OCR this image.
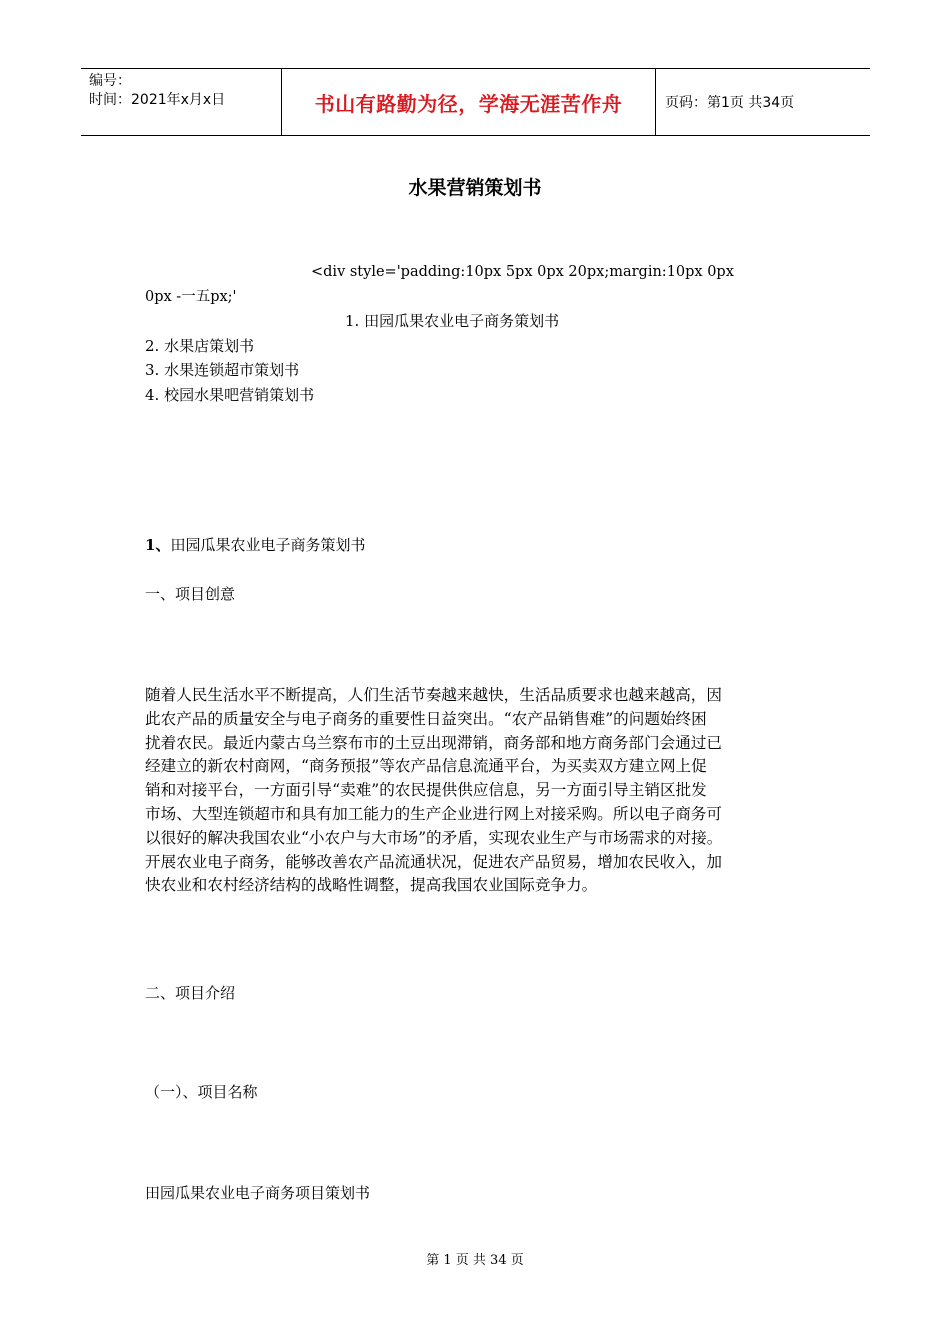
编号：
时间：2021年x月x日	书山有路勤为径，学海无涯苦作舟	页码：第1页 共34页
水果营销策划书
<div style='padding:10px 5px 0px 20px;margin:10px 0px
0px -一五px;'
1. 田园瓜果农业电子商务策划书
2. 水果店策划书
3. 水果连锁超市策划书
4. 校园水果吧营销策划书
1、田园瓜果农业电子商务策划书
一、项目创意
随着人民生活水平不断提高，人们生活节奏越来越快，生活品质要求也越来越高，因
此农产品的质量安全与电子商务的重要性日益突出。“农产品销售难”的问题始终困
扰着农民。最近内蒙古乌兰察布市的土豆出现滞销，商务部和地方商务部门会通过已
经建立的新农村商网，“商务预报”等农产品信息流通平台，为买卖双方建立网上促
销和对接平台，一方面引导“卖难”的农民提供供应信息，另一方面引导主销区批发
市场、大型连锁超市和具有加工能力的生产企业进行网上对接采购。所以电子商务可
以很好的解决我国农业“小农户与大市场”的矛盾，实现农业生产与市场需求的对接。
开展农业电子商务，能够改善农产品流通状况，促进农产品贸易，增加农民收入，加
快农业和农村经济结构的战略性调整，提高我国农业国际竞争力。
二、项目介绍
（一）、项目名称
田园瓜果农业电子商务项目策划书
第 1 页 共 34 页
